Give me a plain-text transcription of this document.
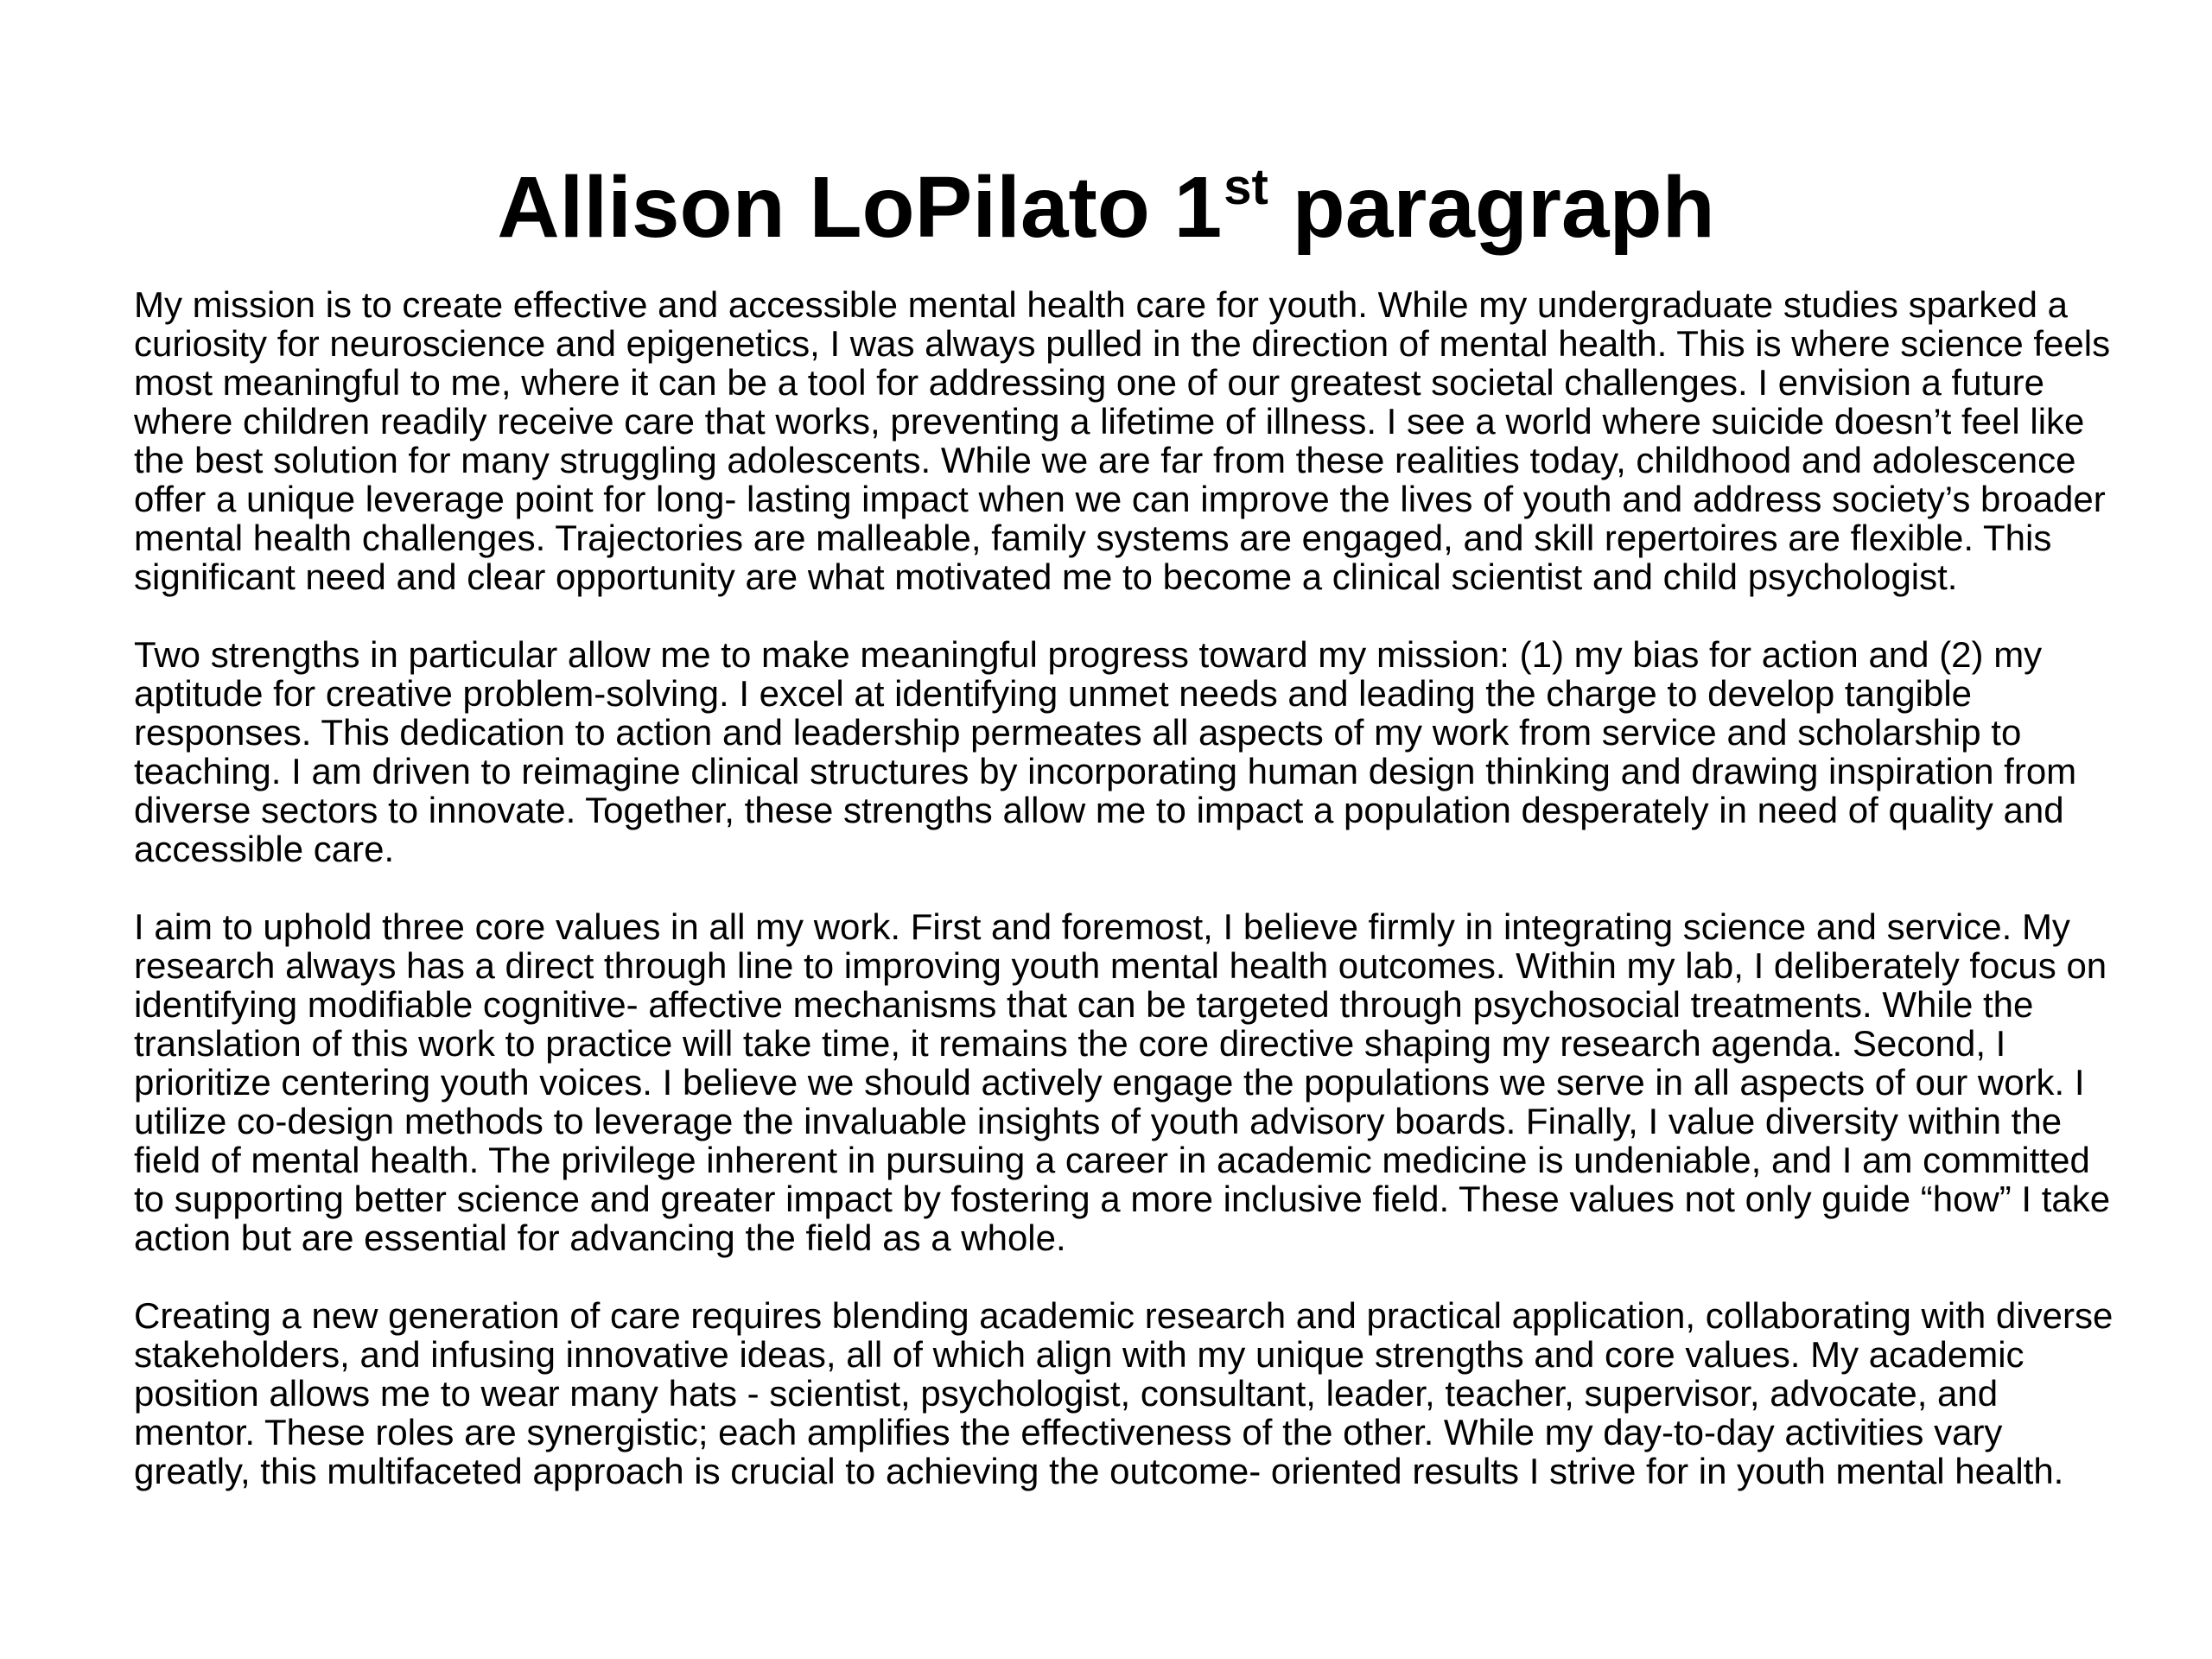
Allison LoPilato 1st paragraph

My mission is to create effective and accessible mental health care for youth. While my undergraduate studies sparked a curiosity for neuroscience and epigenetics, I was always pulled in the direction of mental health. This is where science feels most meaningful to me, where it can be a tool for addressing one of our greatest societal challenges. I envision a future where children readily receive care that works, preventing a lifetime of illness. I see a world where suicide doesn’t feel like the best solution for many struggling adolescents. While we are far from these realities today, childhood and adolescence offer a unique leverage point for long- lasting impact when we can improve the lives of youth and address society’s broader mental health challenges. Trajectories are malleable, family systems are engaged, and skill repertoires are flexible. This significant need and clear opportunity are what motivated me to become a clinical scientist and child psychologist.

Two strengths in particular allow me to make meaningful progress toward my mission: (1) my bias for action and (2) my aptitude for creative problem-solving. I excel at identifying unmet needs and leading the charge to develop tangible responses. This dedication to action and leadership permeates all aspects of my work from service and scholarship to teaching. I am driven to reimagine clinical structures by incorporating human design thinking and drawing inspiration from diverse sectors to innovate. Together, these strengths allow me to impact a population desperately in need of quality and accessible care.

I aim to uphold three core values in all my work. First and foremost, I believe firmly in integrating science and service. My research always has a direct through line to improving youth mental health outcomes. Within my lab, I deliberately focus on identifying modifiable cognitive- affective mechanisms that can be targeted through psychosocial treatments. While the translation of this work to practice will take time, it remains the core directive shaping my research agenda. Second, I prioritize centering youth voices. I believe we should actively engage the populations we serve in all aspects of our work. I utilize co-design methods to leverage the invaluable insights of youth advisory boards. Finally, I value diversity within the field of mental health. The privilege inherent in pursuing a career in academic medicine is undeniable, and I am committed to supporting better science and greater impact by fostering a more inclusive field. These values not only guide “how” I take action but are essential for advancing the field as a whole.

Creating a new generation of care requires blending academic research and practical application, collaborating with diverse stakeholders, and infusing innovative ideas, all of which align with my unique strengths and core values. My academic position allows me to wear many hats - scientist, psychologist, consultant, leader, teacher, supervisor, advocate, and mentor. These roles are synergistic; each amplifies the effectiveness of the other. While my day-to-day activities vary greatly, this multifaceted approach is crucial to achieving the outcome- oriented results I strive for in youth mental health.
